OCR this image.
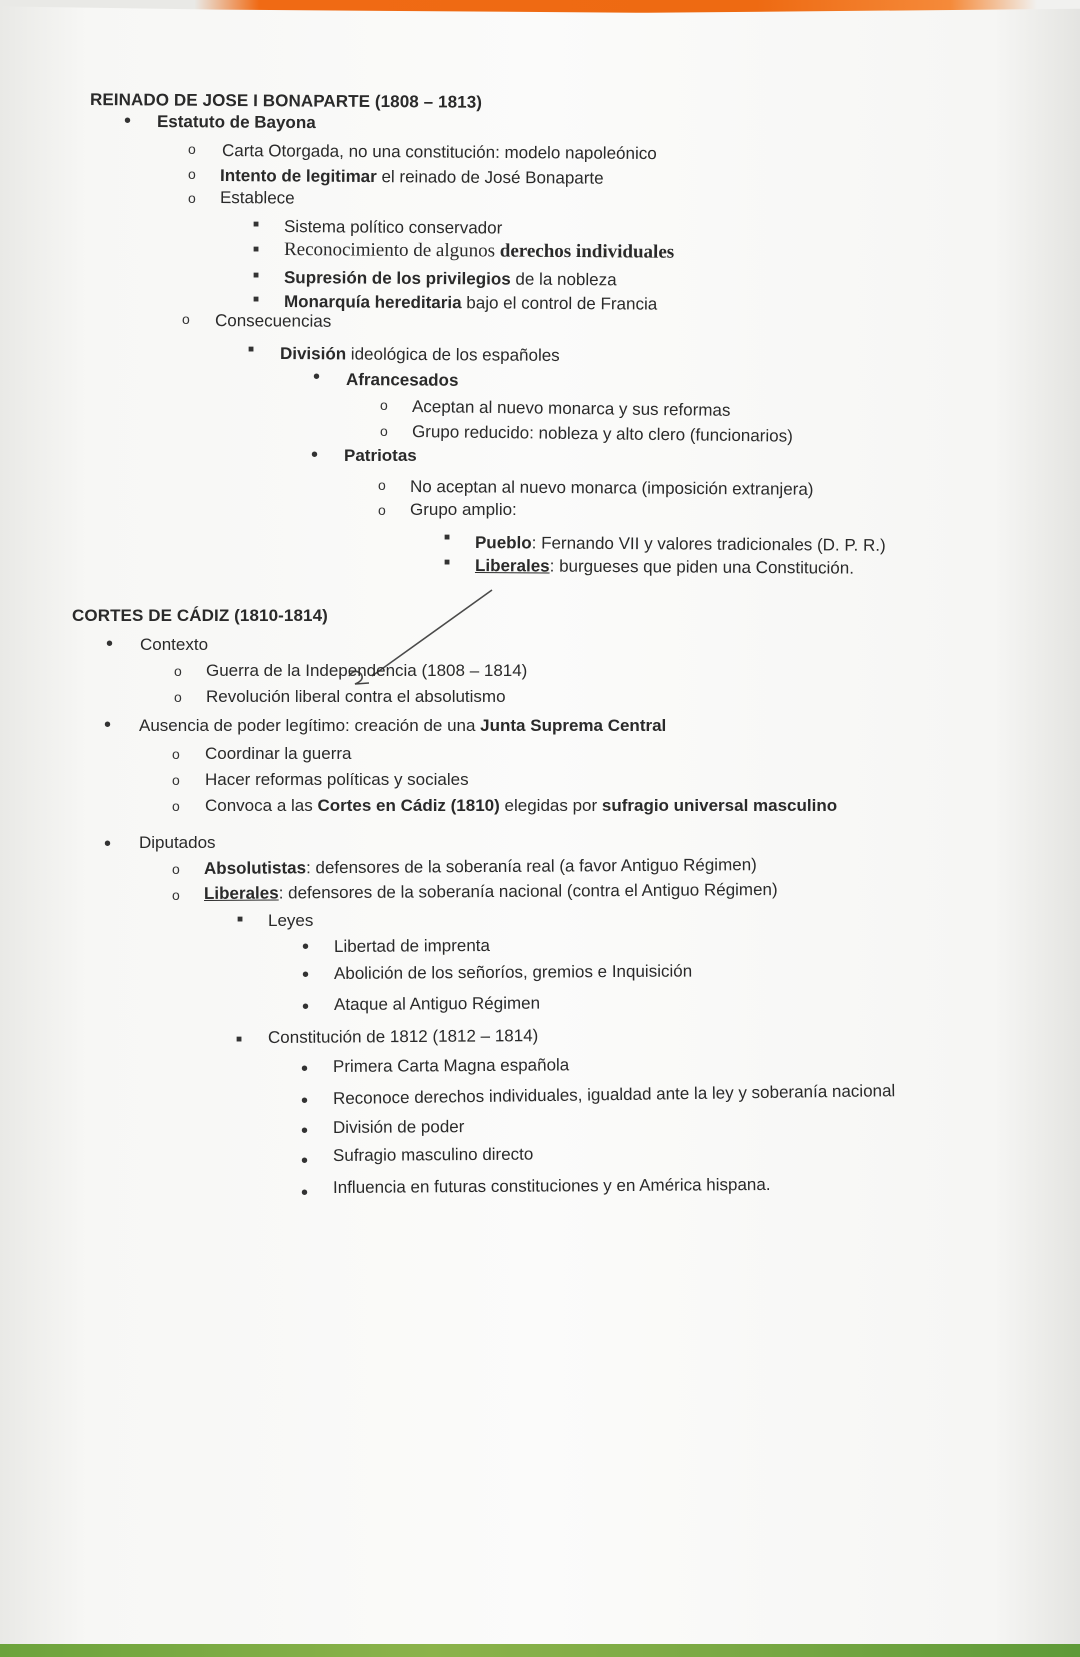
REINADO DE JOSE I BONAPARTE (1808 – 1813)
• Estatuto de Bayona
o Carta Otorgada, no una constitución: modelo napoleónico
o Intento de legitimar el reinado de José Bonaparte
o Establece
■ Sistema político conservador
■ Reconocimiento de algunos derechos individuales
■ Supresión de los privilegios de la nobleza
■ Monarquía hereditaria bajo el control de Francia
o Consecuencias
■ División ideológica de los españoles
• Afrancesados
o Aceptan al nuevo monarca y sus reformas
o Grupo reducido: nobleza y alto clero (funcionarios)
• Patriotas
o No aceptan al nuevo monarca (imposición extranjera)
o Grupo amplio:
■ Pueblo: Fernando VII y valores tradicionales (D. P. R.)
■ Liberales: burgueses que piden una Constitución.
CORTES DE CÁDIZ (1810-1814)
• Contexto
o Guerra de la Independencia (1808 – 1814)
o Revolución liberal contra el absolutismo
• Ausencia de poder legítimo: creación de una Junta Suprema Central
o Coordinar la guerra
o Hacer reformas políticas y sociales
o Convoca a las Cortes en Cádiz (1810) elegidas por sufragio universal masculino
• Diputados
o Absolutistas: defensores de la soberanía real (a favor Antiguo Régimen)
o Liberales: defensores de la soberanía nacional (contra el Antiguo Régimen)
■ Leyes
• Libertad de imprenta
• Abolición de los señoríos, gremios e Inquisición
• Ataque al Antiguo Régimen
■ Constitución de 1812 (1812 – 1814)
• Primera Carta Magna española
• Reconoce derechos individuales, igualdad ante la ley y soberanía nacional
• División de poder
• Sufragio masculino directo
• Influencia en futuras constituciones y en América hispana.
